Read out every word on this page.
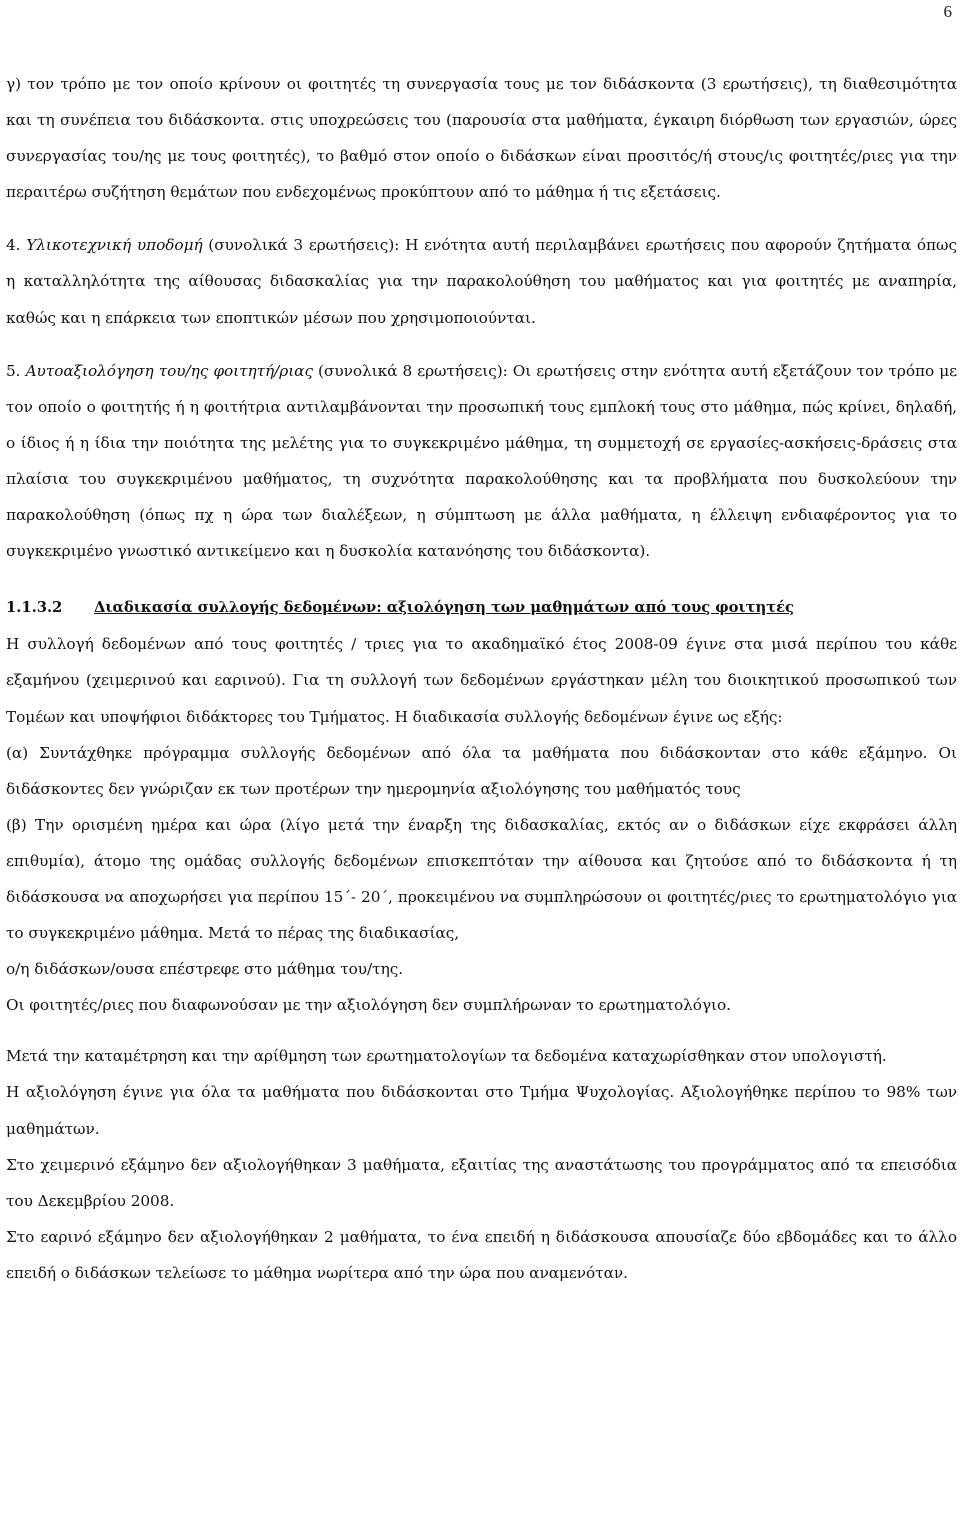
6

γ) τον τρόπο με τον οποίο κρίνουν οι φοιτητές τη συνεργασία τους με τον διδάσκοντα (3 ερωτήσεις), τη διαθεσιμότητα και τη συνέπεια του διδάσκοντα. στις υποχρεώσεις του (παρουσία στα μαθήματα, έγκαιρη διόρθωση των εργασιών, ώρες συνεργασίας του/ης με τους φοιτητές), το βαθμό στον οποίο ο διδάσκων είναι προσιτός/ή στους/ις φοιτητές/ριες για την περαιτέρω συζήτηση θεμάτων που ενδεχομένως προκύπτουν από το μάθημα ή τις εξετάσεις.

4. Υλικοτεχνική υποδομή (συνολικά 3 ερωτήσεις): Η ενότητα αυτή περιλαμβάνει ερωτήσεις που αφορούν ζητήματα όπως η καταλληλότητα της αίθουσας διδασκαλίας για την παρακολούθηση του μαθήματος και για φοιτητές με αναπηρία, καθώς και η επάρκεια των εποπτικών μέσων που χρησιμοποιούνται.

5. Αυτοαξιολόγηση του/ης φοιτητή/ριας (συνολικά 8 ερωτήσεις): Οι ερωτήσεις στην ενότητα αυτή εξετάζουν τον τρόπο με τον οποίο ο φοιτητής ή η φοιτήτρια αντιλαμβάνονται την προσωπική τους εμπλοκή τους στο μάθημα, πώς κρίνει, δηλαδή, ο ίδιος ή η ίδια την ποιότητα της μελέτης για το συγκεκριμένο μάθημα, τη συμμετοχή σε εργασίες-ασκήσεις-δράσεις στα πλαίσια του συγκεκριμένου μαθήματος, τη συχνότητα παρακολούθησης και τα προβλήματα που δυσκολεύουν την παρακολούθηση (όπως πχ η ώρα των διαλέξεων, η σύμπτωση με άλλα μαθήματα, η έλλειψη ενδιαφέροντος για το συγκεκριμένο γνωστικό αντικείμενο και η δυσκολία κατανόησης του διδάσκοντα).

1.1.3.2 Διαδικασία συλλογής δεδομένων: αξιολόγηση των μαθημάτων από τους φοιτητές

Η συλλογή δεδομένων από τους φοιτητές / τριες για το ακαδημαϊκό έτος 2008-09 έγινε στα μισά περίπου του κάθε εξαμήνου (χειμερινού και εαρινού). Για τη συλλογή των δεδομένων εργάστηκαν μέλη του διοικητικού προσωπικού των Τομέων και υποψήφιοι διδάκτορες του Τμήματος. Η διαδικασία συλλογής δεδομένων έγινε ως εξής:

(α) Συντάχθηκε πρόγραμμα συλλογής δεδομένων από όλα τα μαθήματα που διδάσκονταν στο κάθε εξάμηνο. Οι διδάσκοντες δεν γνώριζαν εκ των προτέρων την ημερομηνία αξιολόγησης του μαθήματός τους

(β) Την ορισμένη ημέρα και ώρα (λίγο μετά την έναρξη της διδασκαλίας, εκτός αν ο διδάσκων είχε εκφράσει άλλη επιθυμία), άτομο της ομάδας συλλογής δεδομένων επισκεπτόταν την αίθουσα και ζητούσε από το διδάσκοντα ή τη διδάσκουσα να αποχωρήσει για περίπου 15΄- 20΄, προκειμένου να συμπληρώσουν οι φοιτητές/ριες το ερωτηματολόγιο για το συγκεκριμένο μάθημα. Μετά το πέρας της διαδικασίας,

ο/η διδάσκων/ουσα επέστρεφε στο μάθημα του/της.

Οι φοιτητές/ριες που διαφωνούσαν με την αξιολόγηση δεν συμπλήρωναν το ερωτηματολόγιο.

Μετά την καταμέτρηση και την αρίθμηση των ερωτηματολογίων τα δεδομένα καταχωρίσθηκαν στον υπολογιστή.

Η αξιολόγηση έγινε για όλα τα μαθήματα που διδάσκονται στο Τμήμα Ψυχολογίας. Αξιολογήθηκε περίπου το 98% των μαθημάτων.

Στο χειμερινό εξάμηνο δεν αξιολογήθηκαν 3 μαθήματα, εξαιτίας της αναστάτωσης του προγράμματος από τα επεισόδια του Δεκεμβρίου 2008.

Στο εαρινό εξάμηνο δεν αξιολογήθηκαν 2 μαθήματα, το ένα επειδή η διδάσκουσα απουσίαζε δύο εβδομάδες και το άλλο επειδή ο διδάσκων τελείωσε το μάθημα νωρίτερα από την ώρα που αναμενόταν.
